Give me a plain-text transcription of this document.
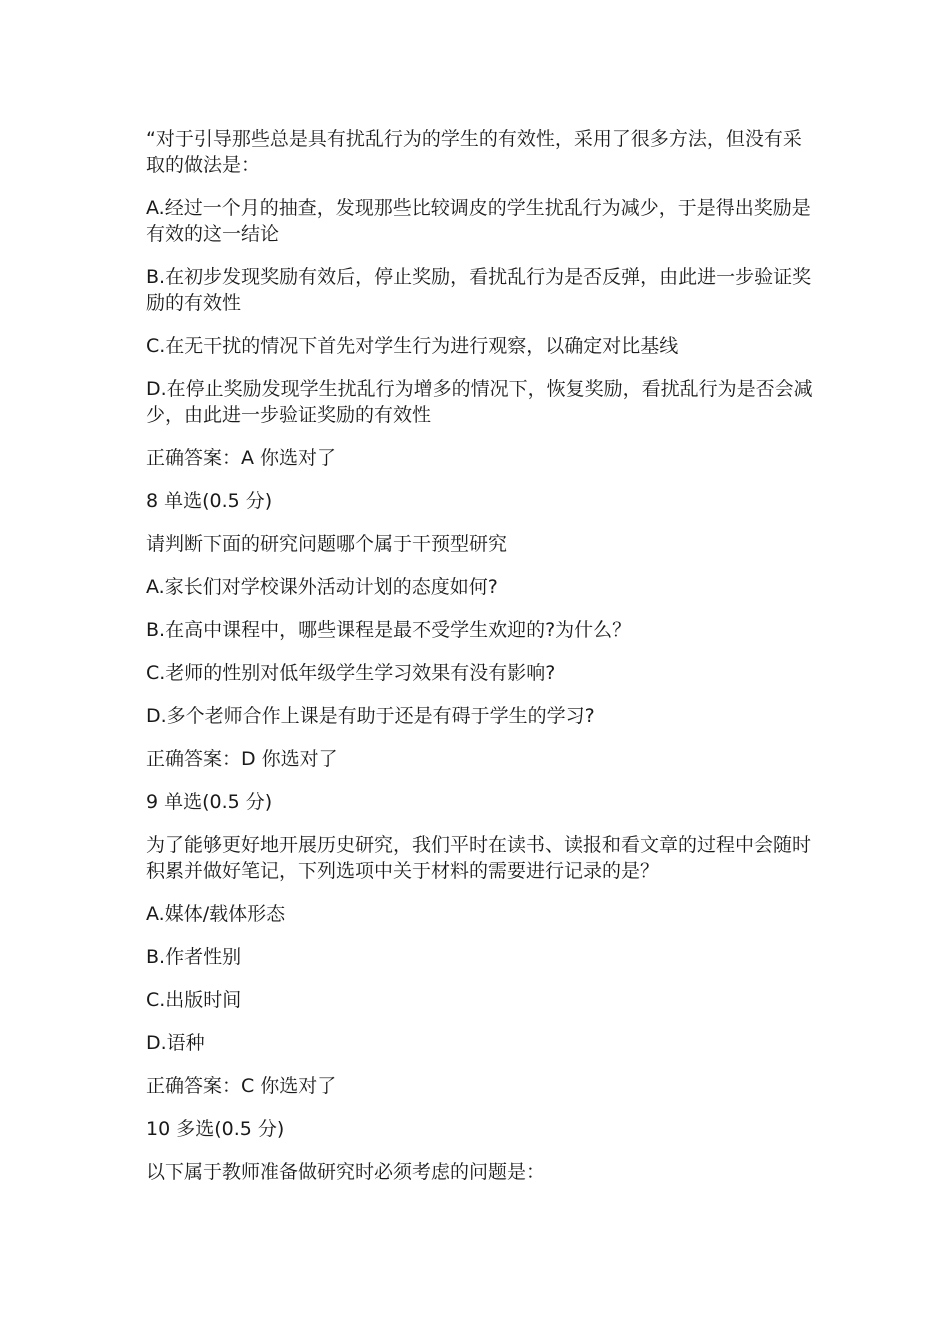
“对于引导那些总是具有扰乱行为的学生的有效性，采用了很多方法，但没有采取的做法是：

A.经过一个月的抽查，发现那些比较调皮的学生扰乱行为减少，于是得出奖励是有效的这一结论

B.在初步发现奖励有效后，停止奖励，看扰乱行为是否反弹，由此进一步验证奖励的有效性

C.在无干扰的情况下首先对学生行为进行观察，以确定对比基线

D.在停止奖励发现学生扰乱行为增多的情况下，恢复奖励，看扰乱行为是否会减少，由此进一步验证奖励的有效性

正确答案：A 你选对了

8 单选(0.5 分)

请判断下面的研究问题哪个属于干预型研究

A.家长们对学校课外活动计划的态度如何?

B.在高中课程中，哪些课程是最不受学生欢迎的?为什么？

C.老师的性别对低年级学生学习效果有没有影响?

D.多个老师合作上课是有助于还是有碍于学生的学习?

正确答案：D 你选对了

9 单选(0.5 分)

为了能够更好地开展历史研究，我们平时在读书、读报和看文章的过程中会随时积累并做好笔记，下列选项中关于材料的需要进行记录的是？

A.媒体/载体形态

B.作者性别

C.出版时间

D.语种

正确答案：C 你选对了

10 多选(0.5 分)

以下属于教师准备做研究时必须考虑的问题是：
